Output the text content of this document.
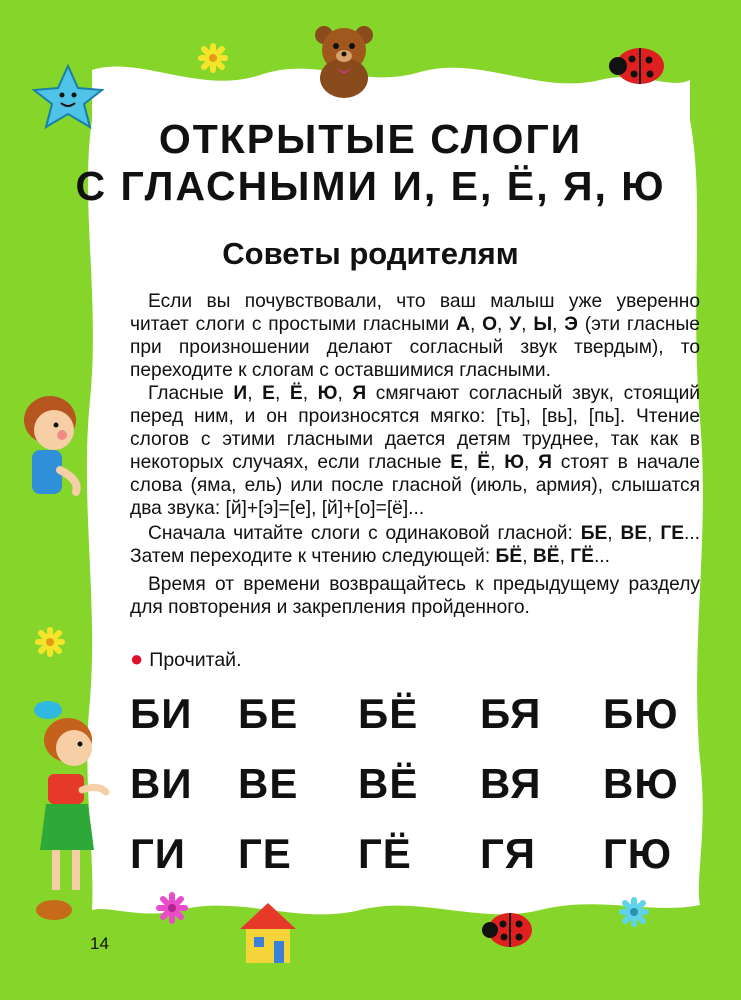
ОТКРЫТЫЕ СЛОГИ
С ГЛАСНЫМИ И, Е, Ё, Я, Ю
Советы родителям

Если вы почувствовали, что ваш малыш уже уверенно читает слоги с простыми гласными А, О, У, Ы, Э (эти гласные при произношении делают согласный звук твердым), то переходите к слогам с оставшимися гласными.

Гласные И, Е, Ё, Ю, Я смягчают согласный звук, стоящий перед ним, и он произносятся мягко: [ть], [вь], [пь]. Чтение слогов с этими гласными дается детям труднее, так как в некоторых случаях, если гласные Е, Ё, Ю, Я стоят в начале слова (яма, ель) или после гласной (июль, армия), слышатся два звука: [й]+[э]=[е], [й]+[о]=[ё]...

Сначала читайте слоги с одинаковой гласной: БЕ, ВЕ, ГЕ... Затем переходите к чтению следующей: БЁ, ВЁ, ГЁ...

Время от времени возвращайтесь к предыдущему разделу для повторения и закрепления пройденного.

● Прочитай.
БИ БЕ БЁ БЯ БЮ
ВИ ВЕ ВЁ ВЯ ВЮ
ГИ ГЕ ГЁ ГЯ ГЮ
14
